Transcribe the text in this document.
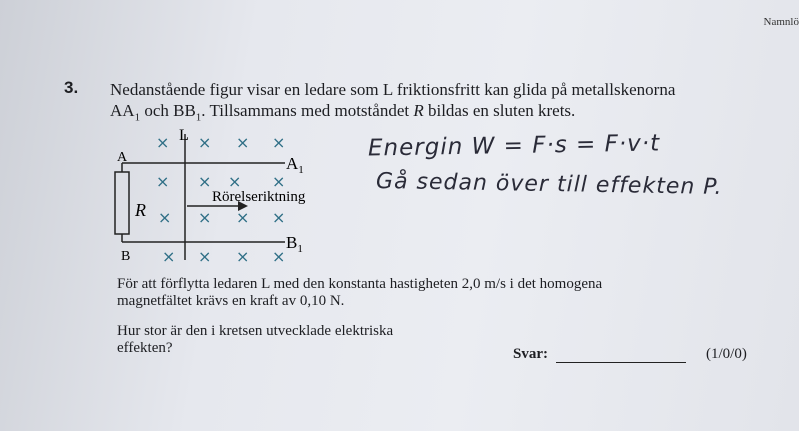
Namnlö
3. Nedanstående figur visar en ledare som L friktionsfritt kan glida på metallskenorna
$AA_1$ och $BB_1$. Tillsammans med motståndet R bildas en sluten krets.
L
A	$A_1$
B
$B_1$
R
Rörelseriktning
× × × ×
× × × ×
× × × ×
× × × ×
Energin W = F·s = F·v·t
Gå sedan över till effekten P.
För att förflytta ledaren L med den konstanta hastigheten 2,0 m/s i det homogena
magnetfältet krävs en kraft av 0,10 N.
Hur stor är den i kretsen utvecklade elektriska
effekten?	Svar:	(1/0/0)
